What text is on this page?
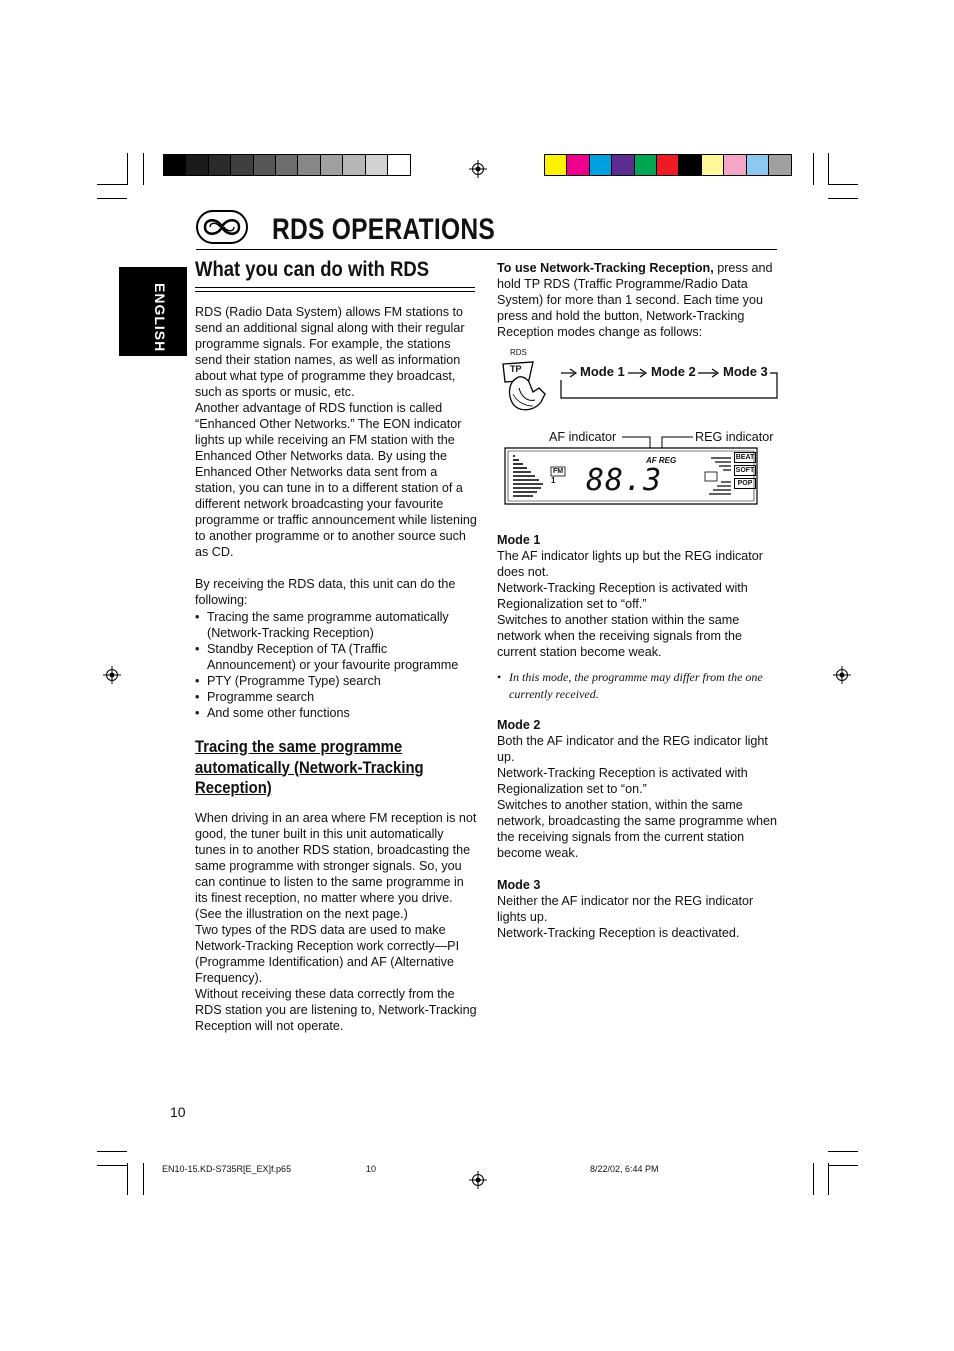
RDS OPERATIONS
ENGLISH
What you can do with RDS

RDS (Radio Data System) allows FM stations to send an additional signal along with their regular programme signals. For example, the stations send their station names, as well as information about what type of programme they broadcast, such as sports or music, etc.

Another advantage of RDS function is called “Enhanced Other Networks.” The EON indicator lights up while receiving an FM station with the Enhanced Other Networks data. By using the Enhanced Other Networks data sent from a station, you can tune in to a different station of a different network broadcasting your favourite programme or traffic announcement while listening to another programme or to another source such as CD.

By receiving the RDS data, this unit can do the following:

• Tracing the same programme automatically (Network-Tracking Reception)
• Standby Reception of TA (Traffic Announcement) or your favourite programme
• PTY (Programme Type) search
• Programme search
• And some other functions
Tracing the same programme automatically (Network-Tracking Reception)

When driving in an area where FM reception is not good, the tuner built in this unit automatically tunes in to another RDS station, broadcasting the same programme with stronger signals. So, you can continue to listen to the same programme in its finest reception, no matter where you drive.

(See the illustration on the next page.)

Two types of the RDS data are used to make Network-Tracking Reception work correctly—PI (Programme Identification) and AF (Alternative Frequency).

Without receiving these data correctly from the RDS station you are listening to, Network-Tracking Reception will not operate.

To use Network-Tracking Reception, press and hold TP RDS (Traffic Programme/Radio Data System) for more than 1 second. Each time you press and hold the button, Network-Tracking Reception modes change as follows:

RDS
TP	Mode 1 Mode 2 Mode 3
AF indicator	REG indicator
AF REG
FM
1 88.3
BEAT
SOFT
POP

Mode 1

The AF indicator lights up but the REG indicator does not.

Network-Tracking Reception is activated with Regionalization set to “off.”

Switches to another station within the same network when the receiving signals from the current station become weak.

• In this mode, the programme may differ from the one currently received.

Mode 2

Both the AF indicator and the REG indicator light up.

Network-Tracking Reception is activated with Regionalization set to “on.”

Switches to another station, within the same network, broadcasting the same programme when the receiving signals from the current station become weak.

Mode 3

Neither the AF indicator nor the REG indicator lights up.

Network-Tracking Reception is deactivated.

10
EN10-15.KD-S735R[E_EX]f.p65	10	8/22/02, 6:44 PM
